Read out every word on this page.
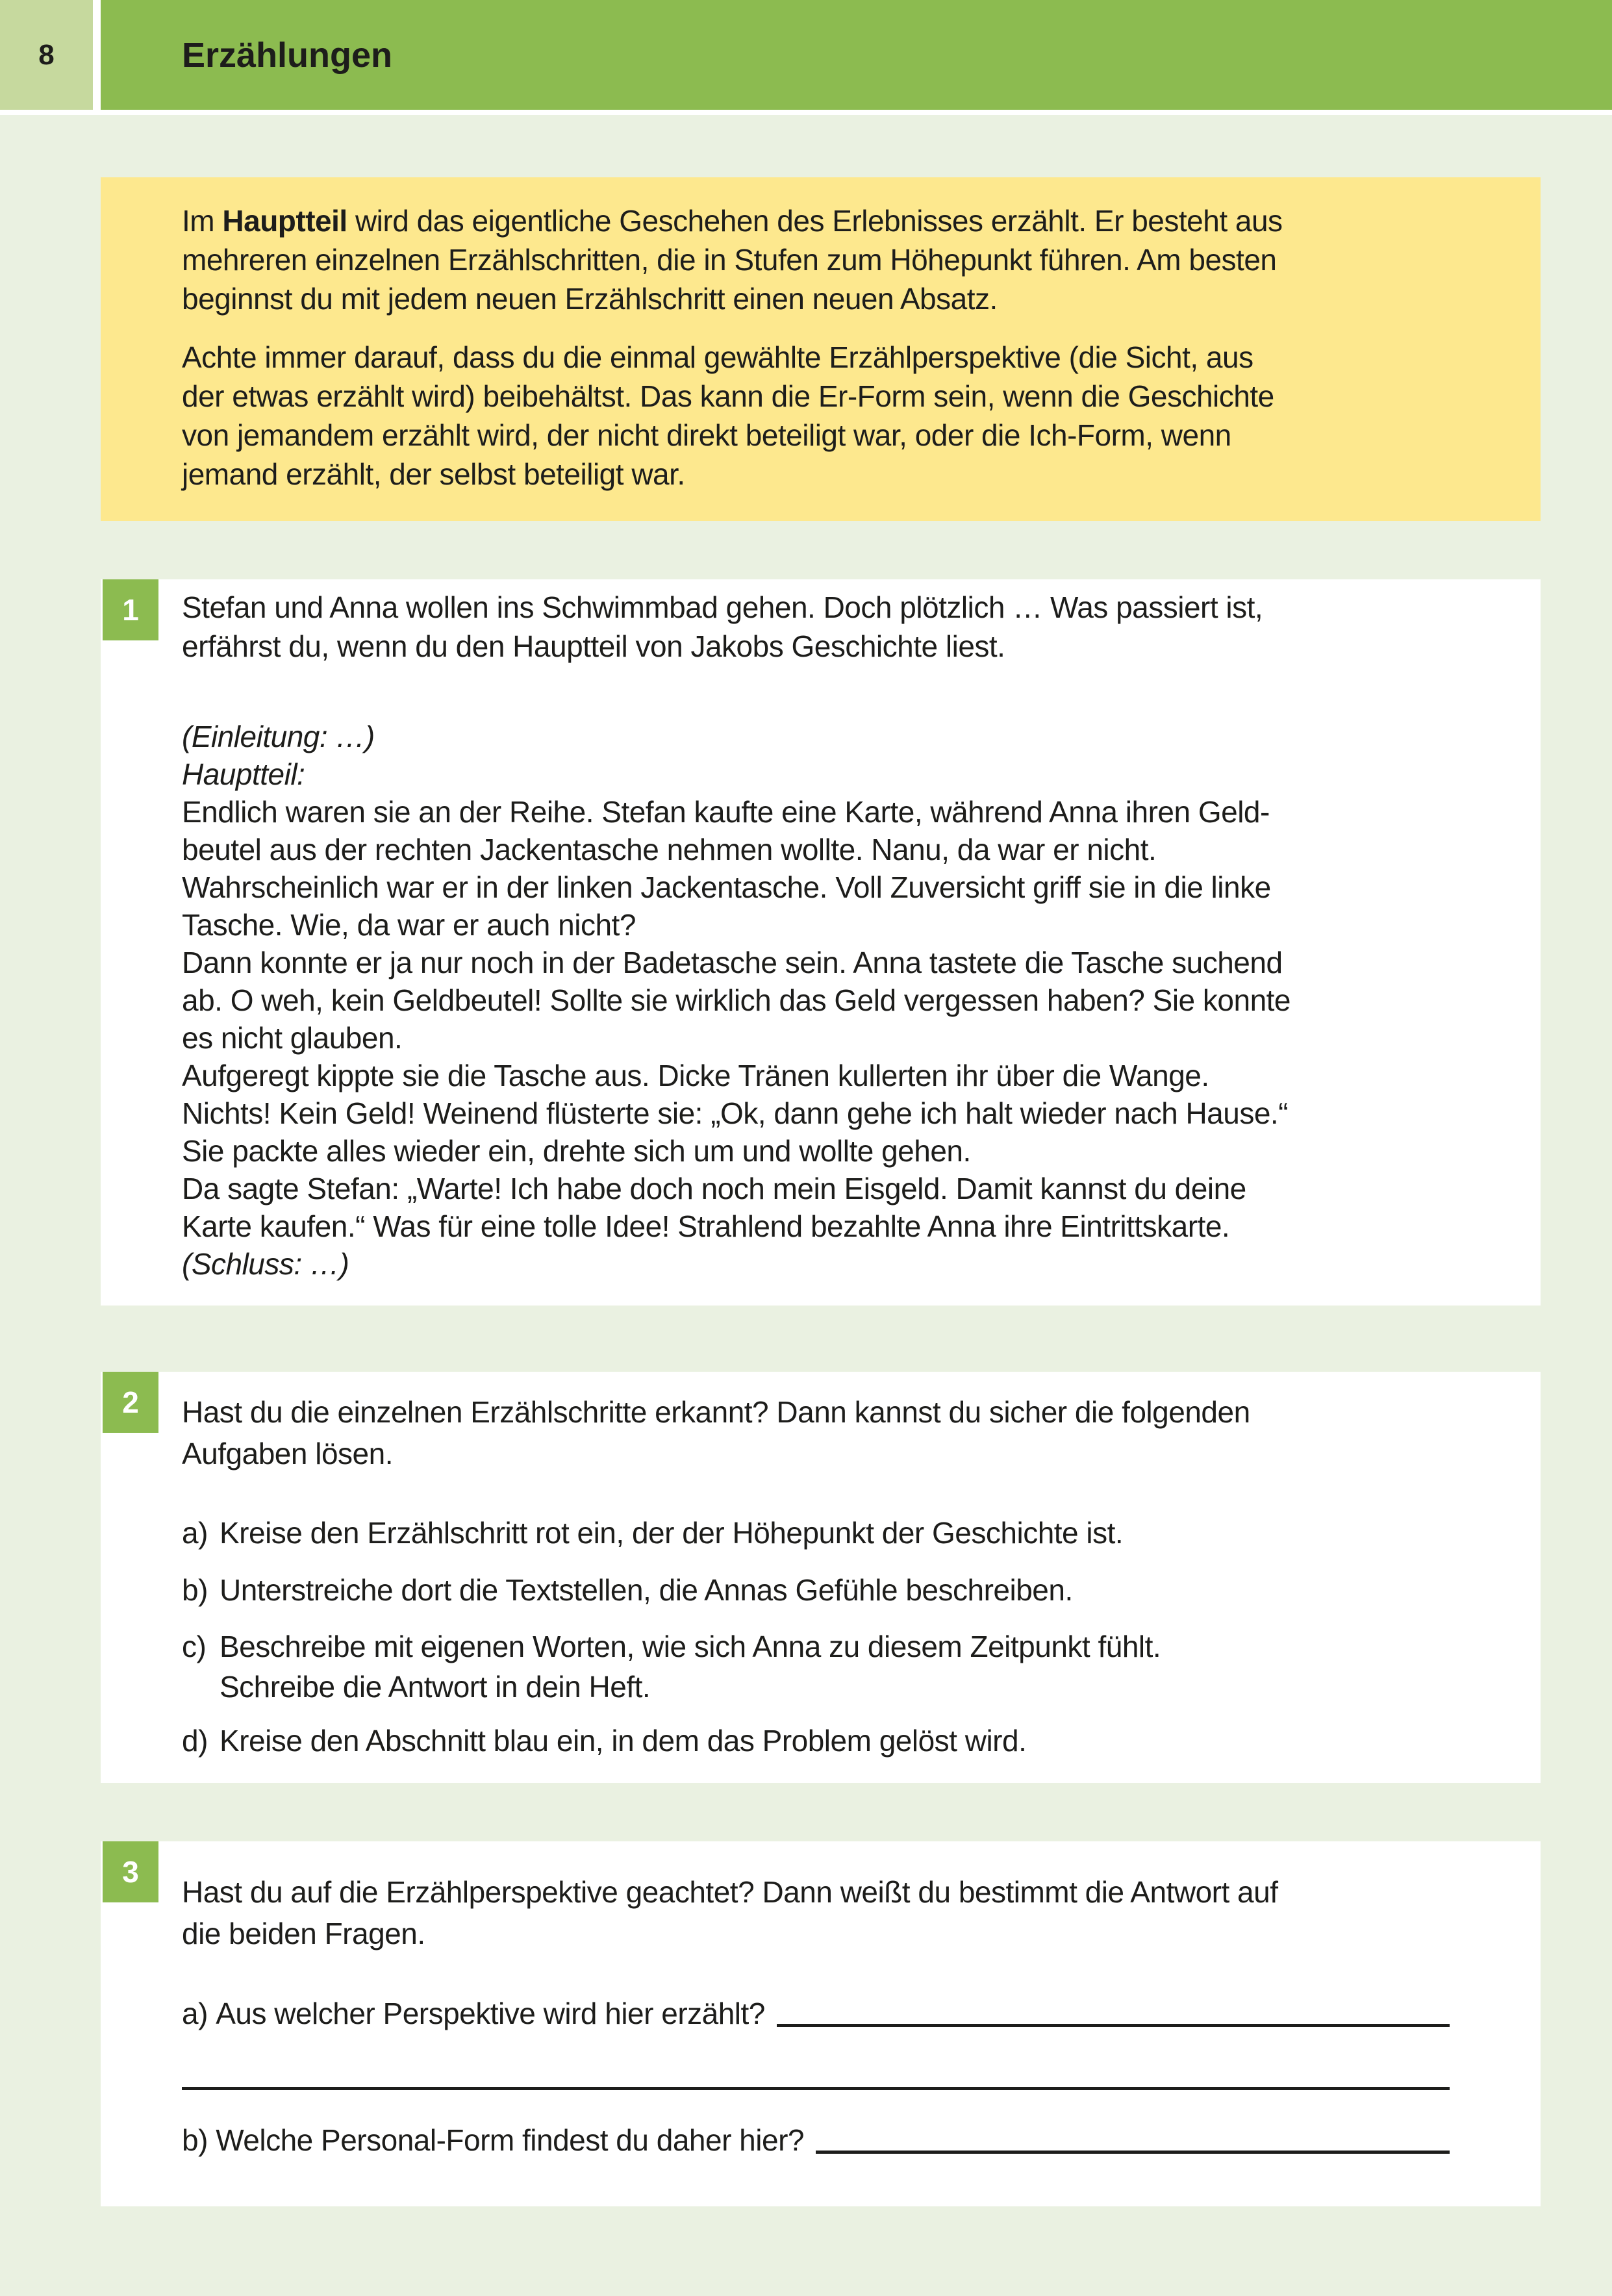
8	Erzählungen
Im Hauptteil wird das eigentliche Geschehen des Erlebnisses erzählt. Er besteht aus
mehreren einzelnen Erzählschritten, die in Stufen zum Höhepunkt führen. Am besten
beginnst du mit jedem neuen Erzählschritt einen neuen Absatz.
Achte immer darauf, dass du die einmal gewählte Erzählperspektive (die Sicht, aus
der etwas erzählt wird) beibehältst. Das kann die Er-Form sein, wenn die Geschichte
von jemandem erzählt wird, der nicht direkt beteiligt war, oder die Ich-Form, wenn
jemand erzählt, der selbst beteiligt war.
1 Stefan und Anna wollen ins Schwimmbad gehen. Doch plötzlich … Was passiert ist,
erfährst du, wenn du den Hauptteil von Jakobs Geschichte liest.
(Einleitung: …)
Hauptteil:
Endlich waren sie an der Reihe. Stefan kaufte eine Karte, während Anna ihren Geld-
beutel aus der rechten Jackentasche nehmen wollte. Nanu, da war er nicht.
Wahrscheinlich war er in der linken Jackentasche. Voll Zuversicht griff sie in die linke
Tasche. Wie, da war er auch nicht?
Dann konnte er ja nur noch in der Badetasche sein. Anna tastete die Tasche suchend
ab. O weh, kein Geldbeutel! Sollte sie wirklich das Geld vergessen haben? Sie konnte
es nicht glauben.
Aufgeregt kippte sie die Tasche aus. Dicke Tränen kullerten ihr über die Wange.
Nichts! Kein Geld! Weinend flüsterte sie: „Ok, dann gehe ich halt wieder nach Hause.“
Sie packte alles wieder ein, drehte sich um und wollte gehen.
Da sagte Stefan: „Warte! Ich habe doch noch mein Eisgeld. Damit kannst du deine
Karte kaufen.“ Was für eine tolle Idee! Strahlend bezahlte Anna ihre Eintrittskarte.
(Schluss: …)
2 Hast du die einzelnen Erzählschritte erkannt? Dann kannst du sicher die folgenden
Aufgaben lösen.
a) Kreise den Erzählschritt rot ein, der der Höhepunkt der Geschichte ist.
b) Unterstreiche dort die Textstellen, die Annas Gefühle beschreiben.
c) Beschreibe mit eigenen Worten, wie sich Anna zu diesem Zeitpunkt fühlt.
Schreibe die Antwort in dein Heft.
d) Kreise den Abschnitt blau ein, in dem das Problem gelöst wird.
3
Hast du auf die Erzählperspektive geachtet? Dann weißt du bestimmt die Antwort auf
die beiden Fragen.
a) Aus welcher Perspektive wird hier erzählt?
b) Welche Personal-Form findest du daher hier?
